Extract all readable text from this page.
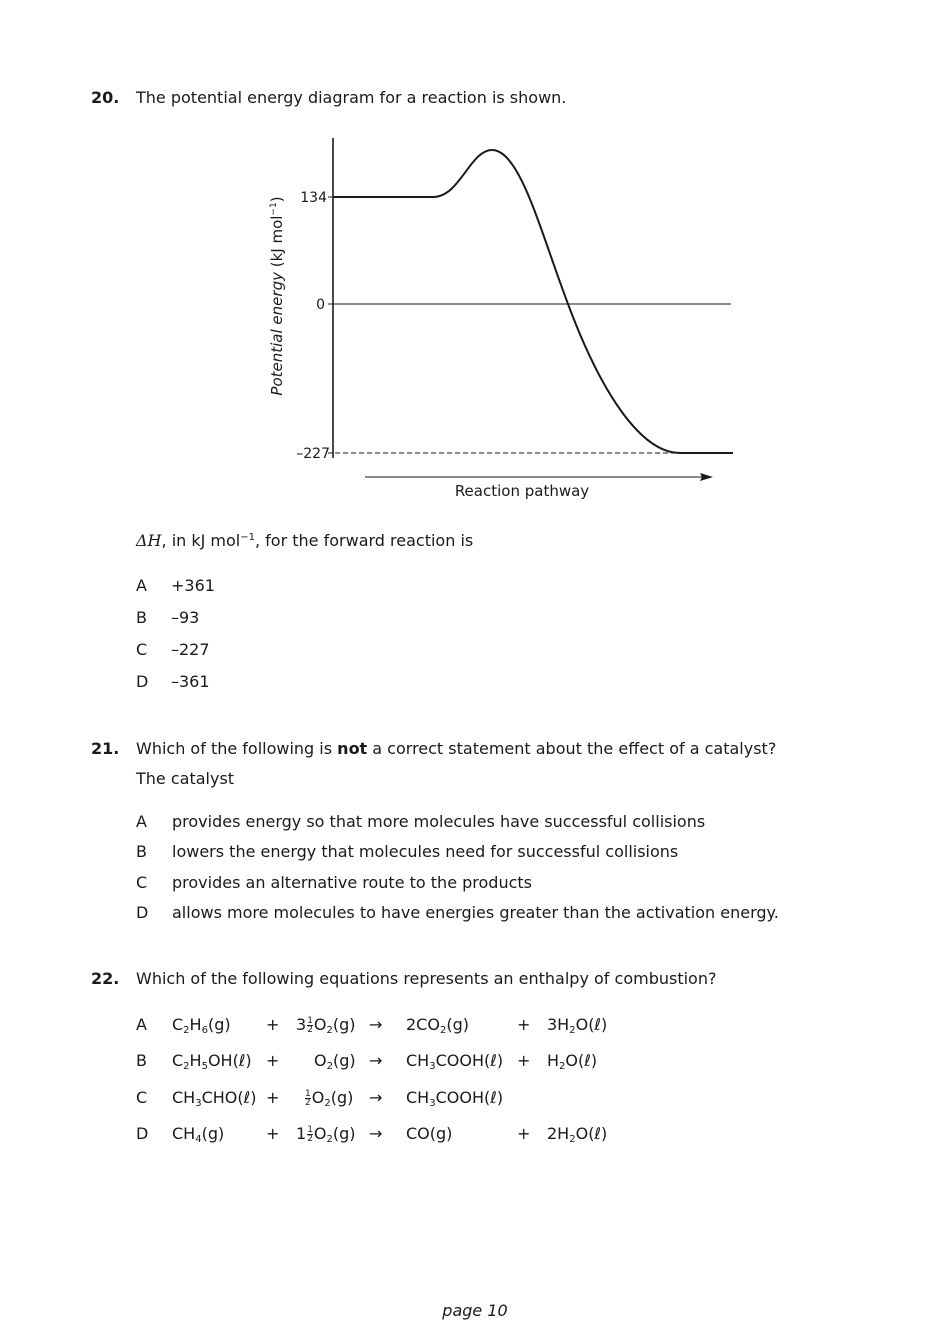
20. The potential energy diagram for a reaction is shown.
134
0
–227
Potential energy (kJ mol$^{-1}$)
Reaction pathway
ΔH, in kJ mol$^{-1}$, for the forward reaction is
A +361
B –93
C –227
D –361
21. Which of the following is not a correct statement about the effect of a catalyst?
The catalyst
A provides energy so that more molecules have successful collisions
B lowers the energy that molecules need for successful collisions
C provides an alternative route to the products
D allows more molecules to have energies greater than the activation energy.
22. Which of the following equations represents an enthalpy of combustion?
A $C_2H_6(g) + 3 \frac{1}{2} O_2(g) \to 2CO_2(g)$	+ $3H_2O(\ell)$
B $C_2H_5OH(\ell) + O_2(g)$ → $CH_3COOH(\ell)$ + $H_2O(\ell)$
C $CH_3CHO(\ell)$ +	$\frac{1}{2} O_2(g)$ → $CH_3COOH(\ell)$
D $CH_4(g)$	+ $1 \frac{1}{2} O_2(g) \to CO(g)$	+ $2H_2O(\ell)$
page 10
